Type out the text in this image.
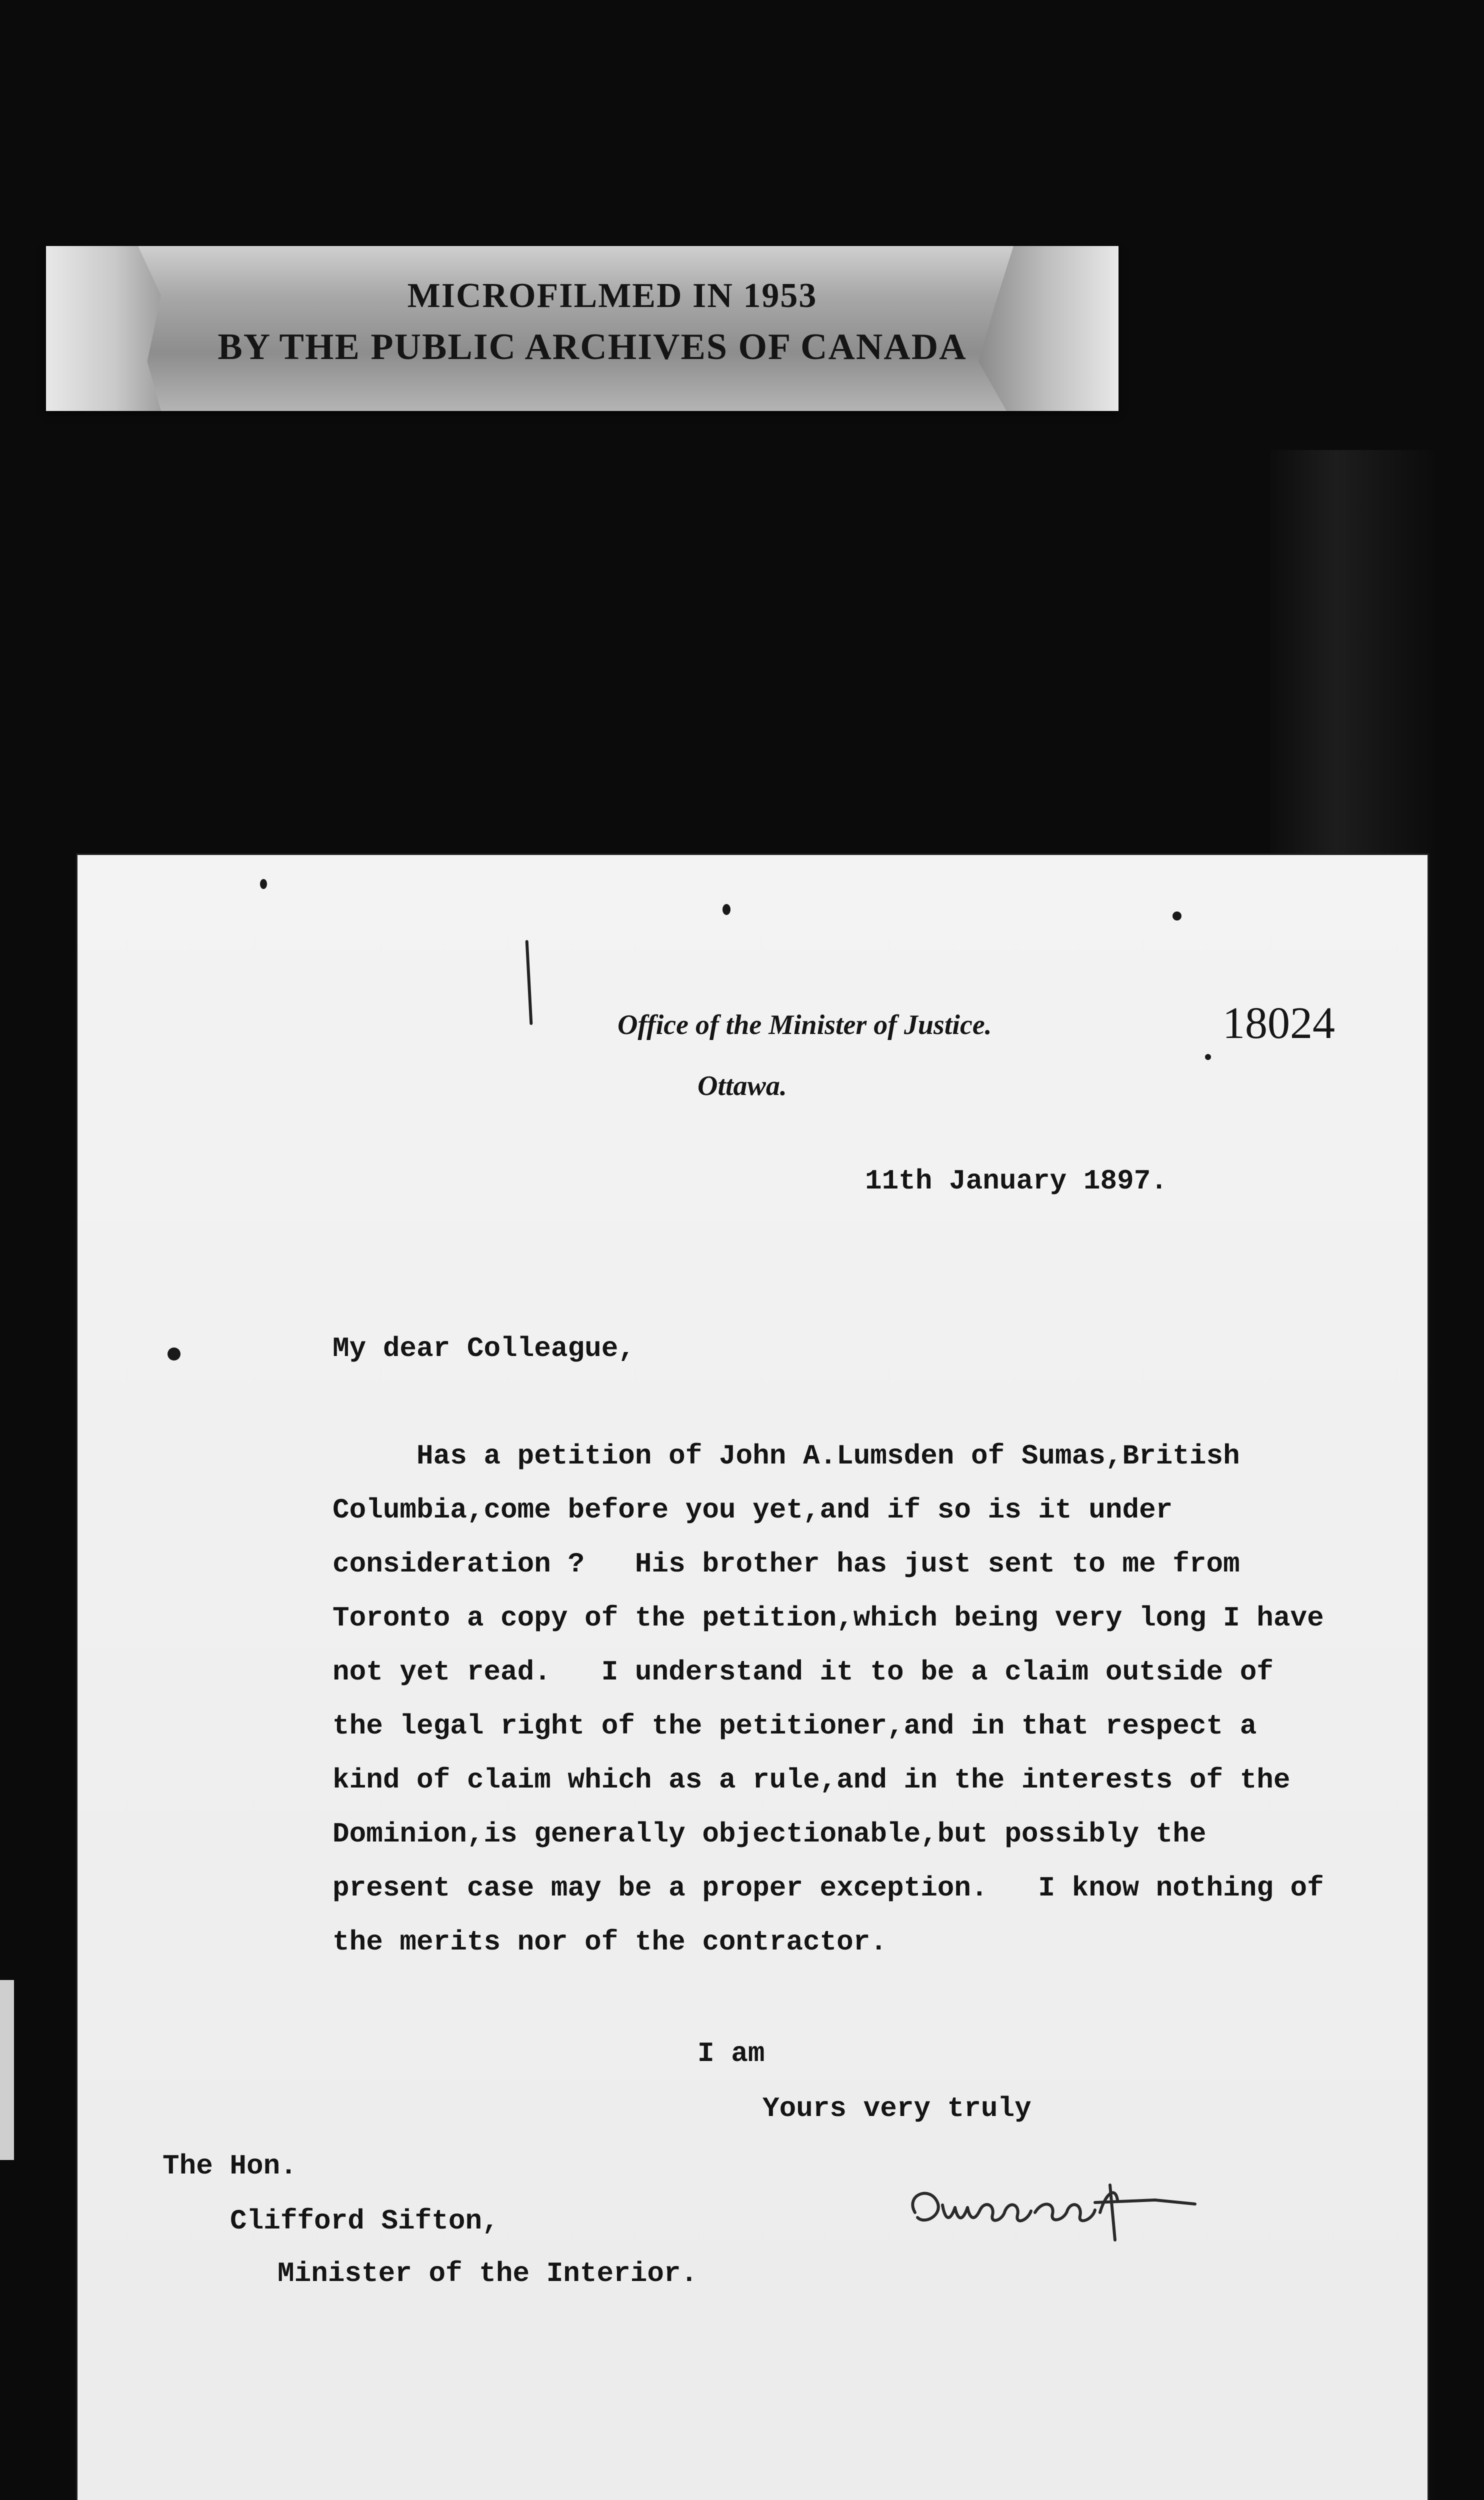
MICROFILMED IN 1953
BY THE PUBLIC ARCHIVES OF CANADA
Office of the Minister of Justice.
Ottawa.
18024
11th January 1897.
My dear Colleague,
Has a petition of John A.Lumsden of Sumas,British
Columbia,come before you yet,and if so is it under
consideration ?   His brother has just sent to me from
Toronto a copy of the petition,which being very long I have
not yet read.   I understand it to be a claim outside of
the legal right of the petitioner,and in that respect a
kind of claim which as a rule,and in the interests of the
Dominion,is generally objectionable,but possibly the
present case may be a proper exception.   I know nothing of
the merits nor of the contractor.
I am
Yours very truly
The Hon.
Clifford Sifton,
Minister of the Interior.
